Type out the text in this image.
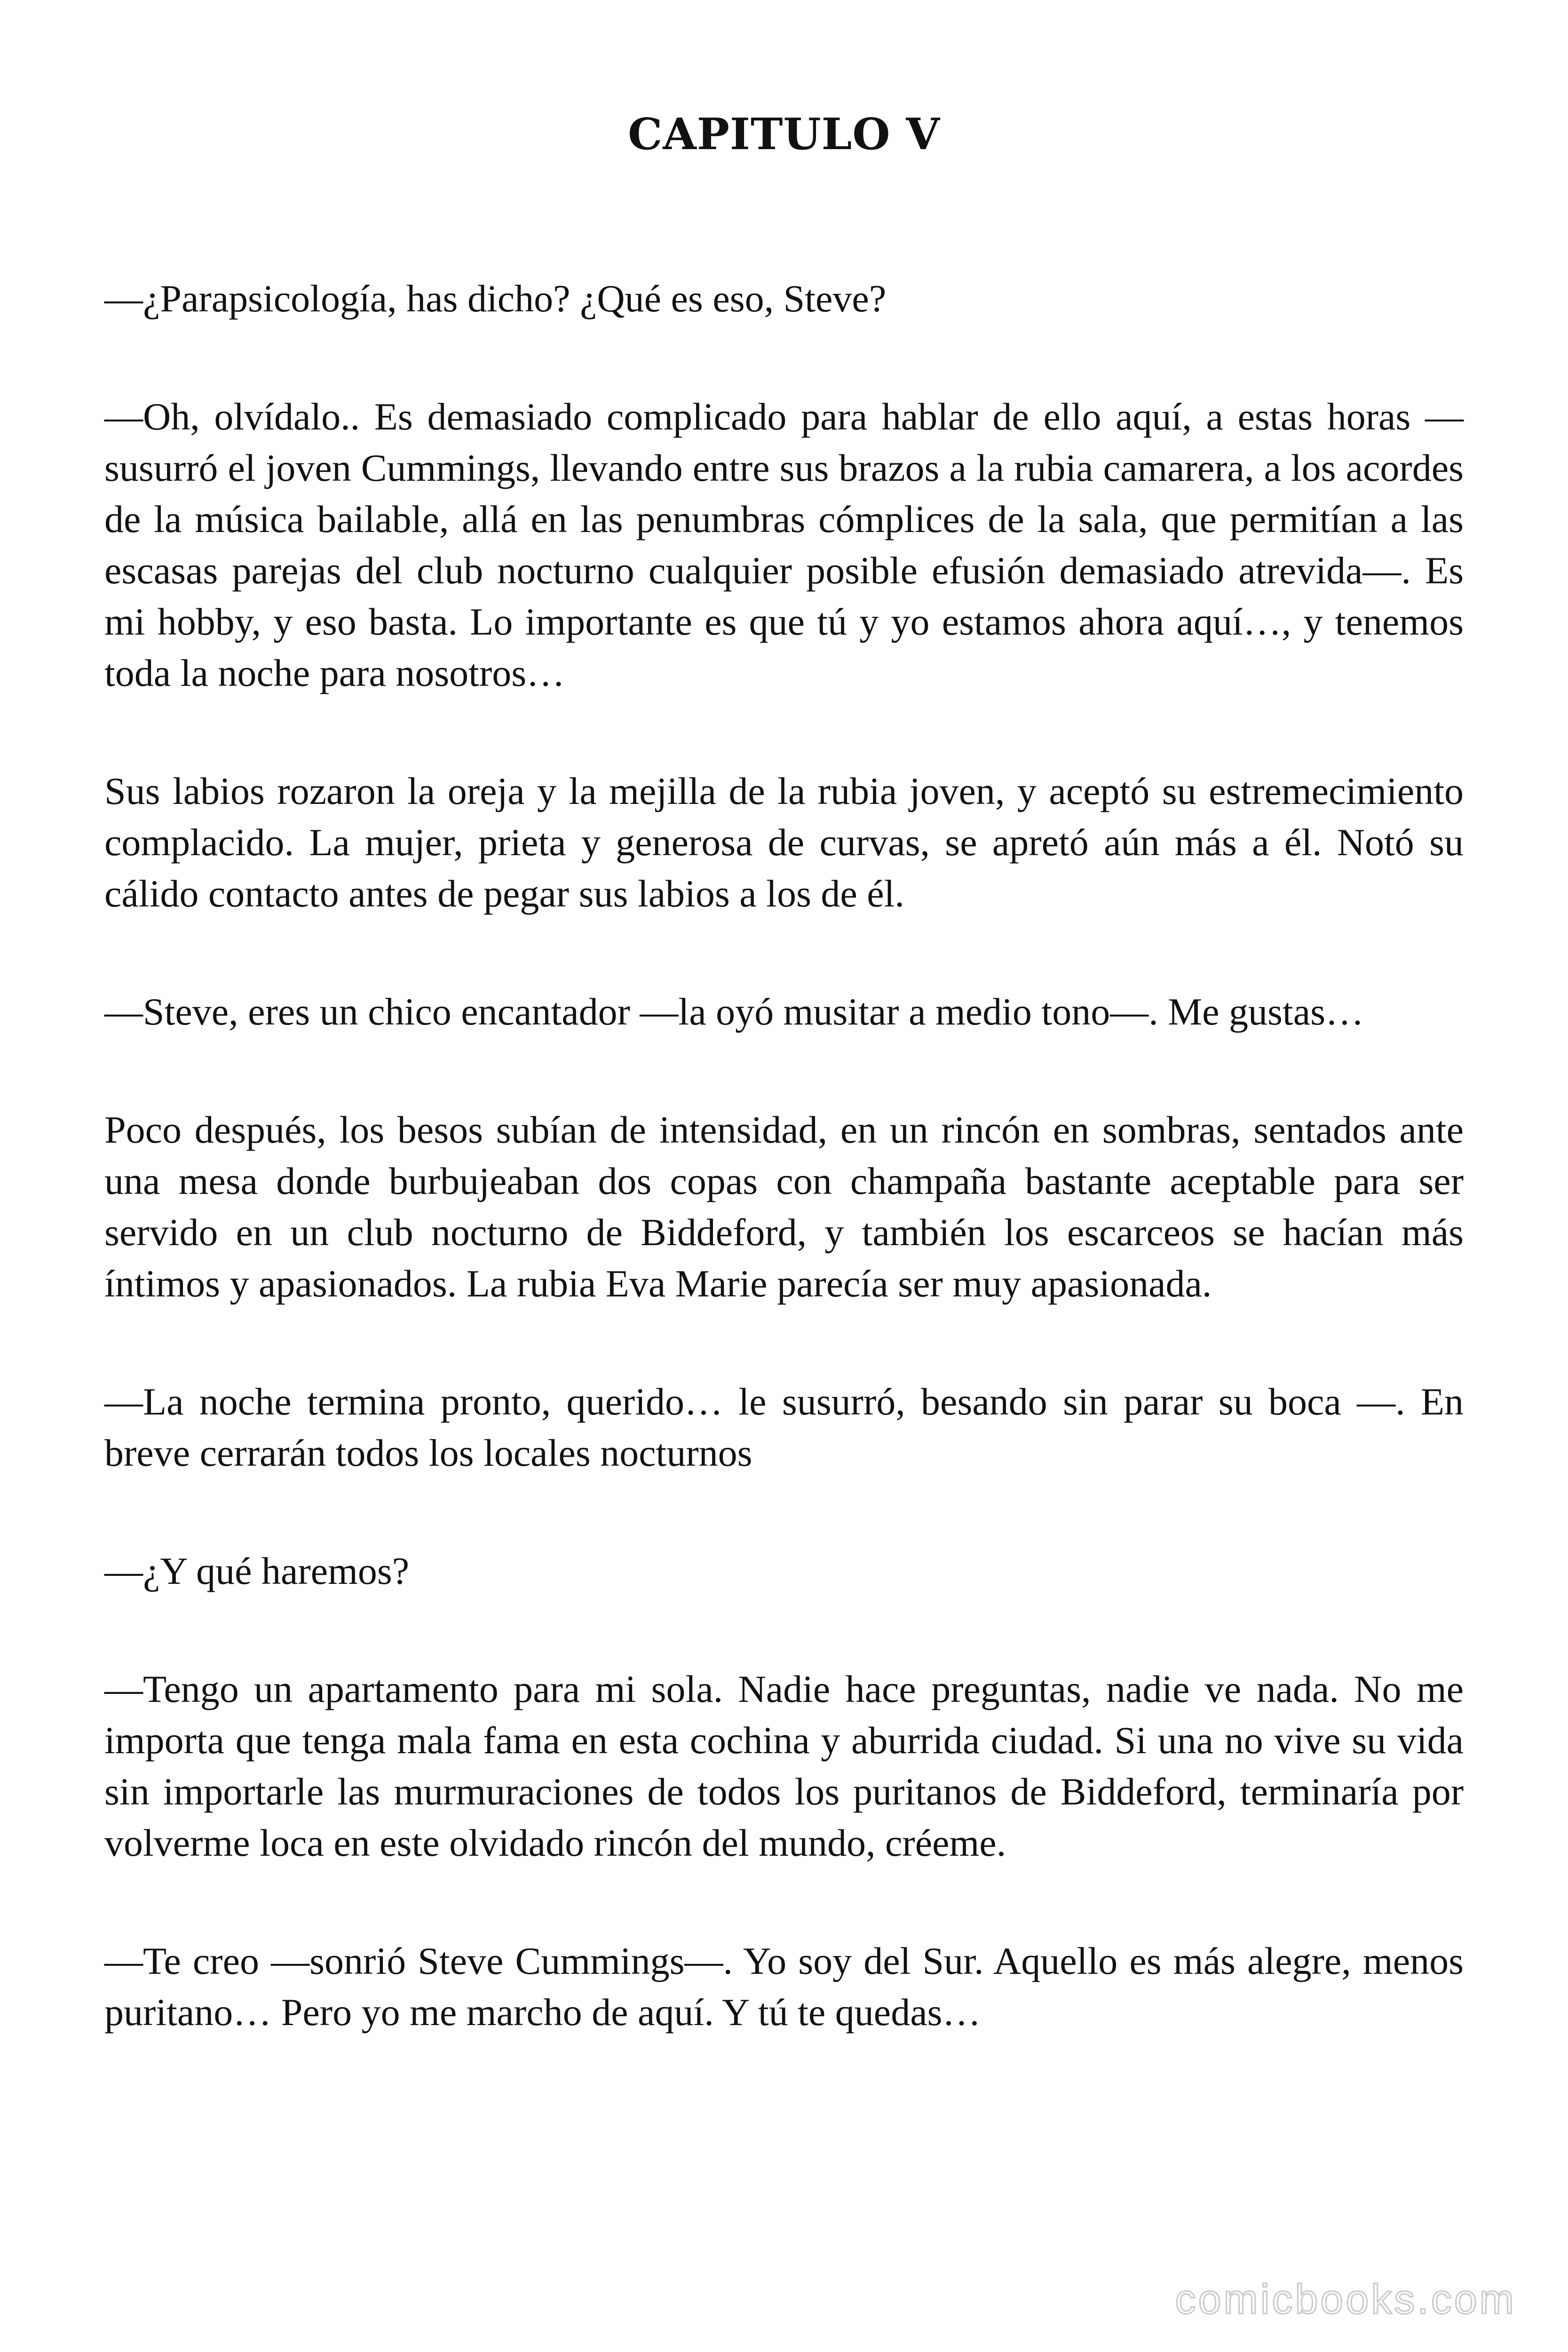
CAPITULO V

—¿Parapsicología, has dicho? ¿Qué es eso, Steve?

—Oh, olvídalo.. Es demasiado complicado para hablar de ello aquí, a estas horas —susurró el joven Cummings, llevando entre sus brazos a la rubia camarera, a los acordes de la música bailable, allá en las penumbras cómplices de la sala, que permitían a las escasas parejas del club nocturno cualquier posible efusión demasiado atrevida—. Es mi hobby, y eso basta. Lo importante es que tú y yo estamos ahora aquí…, y tenemos toda la noche para nosotros…

Sus labios rozaron la oreja y la mejilla de la rubia joven, y aceptó su estremecimiento complacido. La mujer, prieta y generosa de curvas, se apretó aún más a él. Notó su cálido contacto antes de pegar sus labios a los de él.

—Steve, eres un chico encantador —la oyó musitar a medio tono—. Me gustas…

Poco después, los besos subían de intensidad, en un rincón en sombras, sentados ante una mesa donde burbujeaban dos copas con champaña bastante aceptable para ser servido en un club nocturno de Biddeford, y también los escarceos se hacían más íntimos y apasionados. La rubia Eva Marie parecía ser muy apasionada.

—La noche termina pronto, querido… le susurró, besando sin parar su boca —. En breve cerrarán todos los locales nocturnos

—¿Y qué haremos?

—Tengo un apartamento para mi sola. Nadie hace preguntas, nadie ve nada. No me importa que tenga mala fama en esta cochina y aburrida ciudad. Si una no vive su vida sin importarle las murmuraciones de todos los puritanos de Biddeford, terminaría por volverme loca en este olvidado rincón del mundo, créeme.

—Te creo —sonrió Steve Cummings—. Yo soy del Sur. Aquello es más alegre, menos puritano… Pero yo me marcho de aquí. Y tú te quedas…

comicbooks.com
